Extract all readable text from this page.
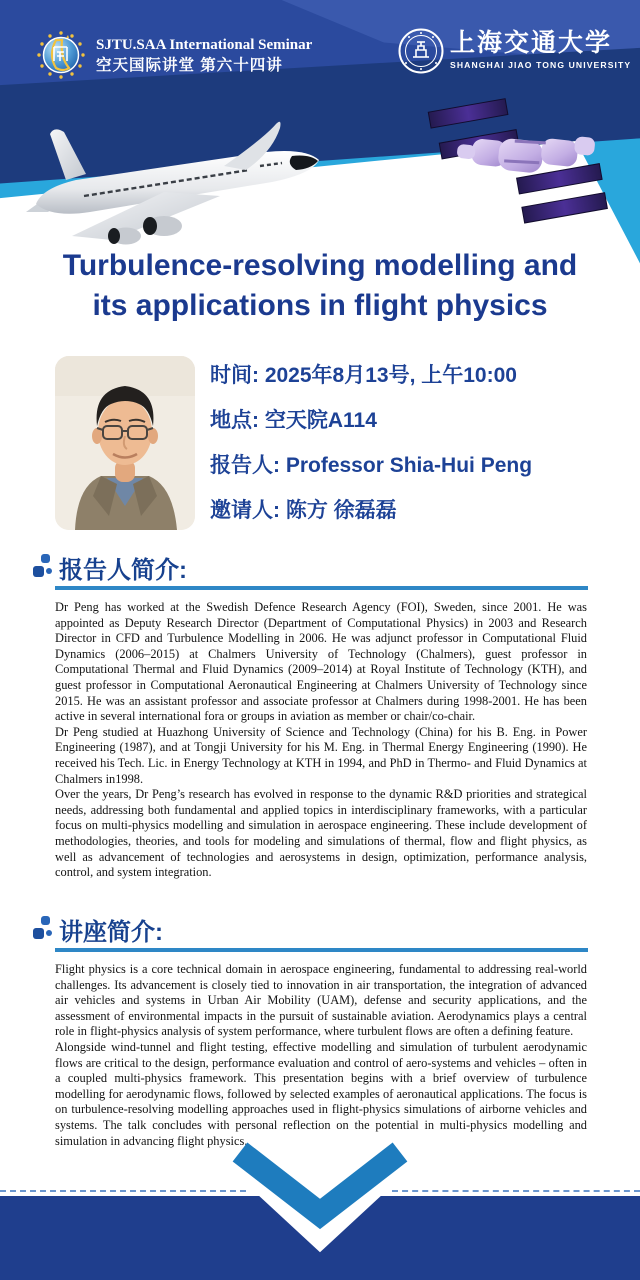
SJTU.SAA International Seminar
空天国际讲堂 第六十四讲
上海交通大学
SHANGHAI JIAO TONG UNIVERSITY
Turbulence-resolving modelling and
its applications in flight physics

时间: 2025年8月13号, 上午10:00

地点: 空天院A114

报告人: Professor Shia-Hui Peng

邀请人: 陈方 徐磊磊

报告人简介:

Dr Peng has worked at the Swedish Defence Research Agency (FOI), Sweden, since 2001. He was appointed as Deputy Research Director (Department of Computational Physics) in 2003 and Research Director in CFD and Turbulence Modelling in 2006. He was adjunct professor in Computational Fluid Dynamics (2006–2015) at Chalmers University of Technology (Chalmers), guest professor in Computational Thermal and Fluid Dynamics (2009–2014) at Royal Institute of Technology (KTH), and guest professor in Computational Aeronautical Engineering at Chalmers University of Technology since 2015. He was an assistant professor and associate professor at Chalmers during 1998-2001. He has been active in several international fora or groups in aviation as member or chair/co-chair.

Dr Peng studied at Huazhong University of Science and Technology (China) for his B. Eng. in Power Engineering (1987), and at Tongji University for his M. Eng. in Thermal Energy Engineering (1990). He received his Tech. Lic. in Energy Technology at KTH in 1994, and PhD in Thermo- and Fluid Dynamics at Chalmers in1998.

Over the years, Dr Peng’s research has evolved in response to the dynamic R&D priorities and strategical needs, addressing both fundamental and applied topics in interdisciplinary frameworks, with a particular focus on multi-physics modelling and simulation in aerospace engineering. These include development of methodologies, theories, and tools for modeling and simulations of thermal, flow and flight physics, as well as advancement of technologies and aerosystems in design, optimization, performance analysis, control, and system integration.

讲座简介:

Flight physics is a core technical domain in aerospace engineering, fundamental to addressing real-world challenges. Its advancement is closely tied to innovation in air transportation, the integration of advanced air vehicles and systems in Urban Air Mobility (UAM), defense and security applications, and the assessment of environmental impacts in the pursuit of sustainable aviation. Aerodynamics plays a central role in flight-physics analysis of system performance, where turbulent flows are often a defining feature.

Alongside wind-tunnel and flight testing, effective modelling and simulation of turbulent aerodynamic flows are critical to the design, performance evaluation and control of aero-systems and vehicles – often in a coupled multi-physics framework. This presentation begins with a brief overview of turbulence modelling for aerodynamic flows, followed by selected examples of aeronautical applications. The focus is on turbulence-resolving modelling approaches used in flight-physics simulations of airborne vehicles and systems. The talk concludes with personal reflection on the potential in multi-physics modelling and simulation in advancing flight physics.
